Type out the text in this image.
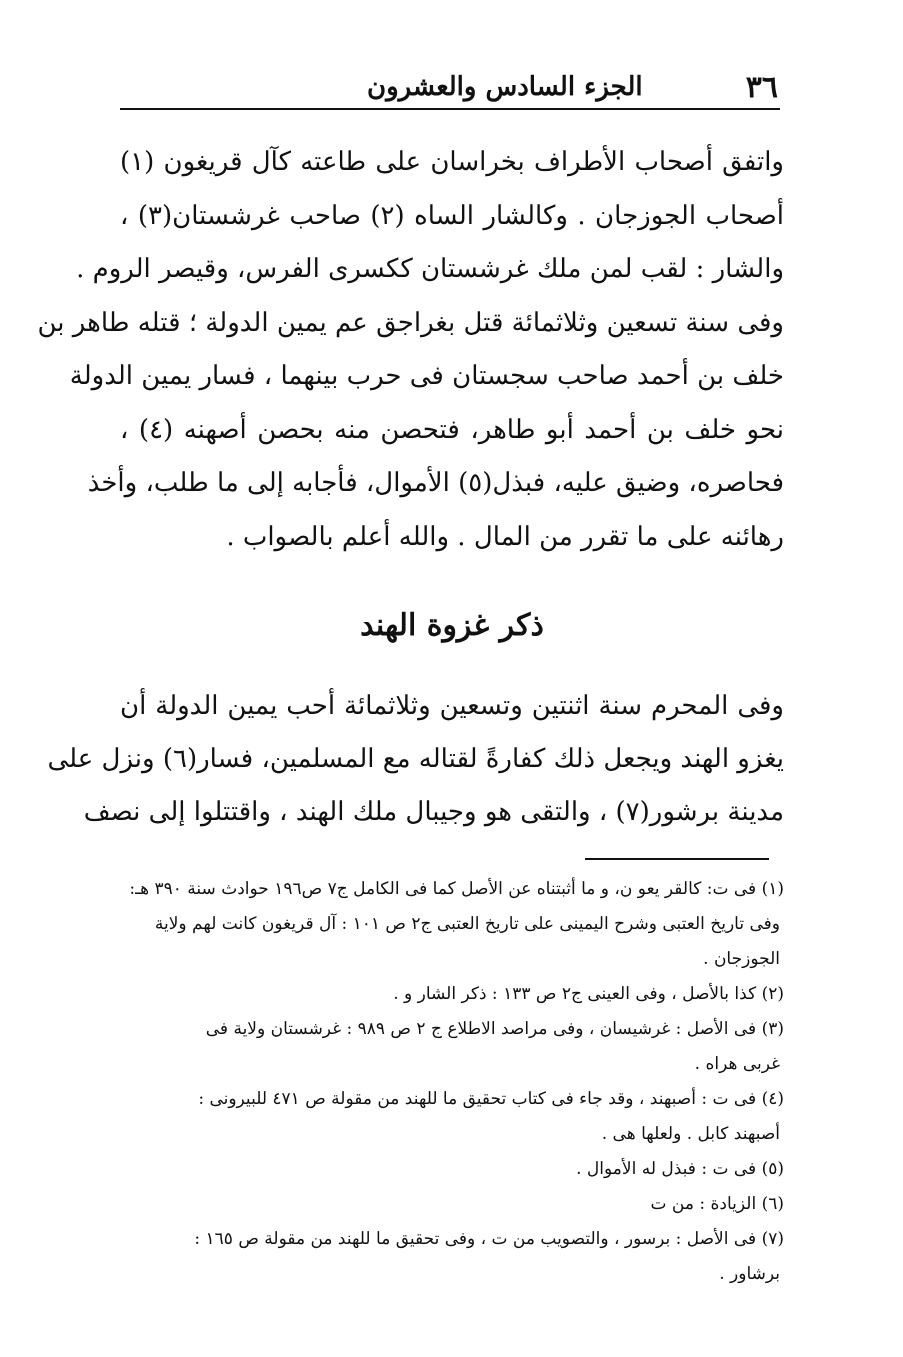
٣٦
الجزء السادس والعشرون
واتفق أصحاب الأطراف بخراسان على طاعته كآل قريغون (١)
أصحاب الجوزجان . وكالشار الساه (٢) صاحب غرشستان(٣) ،
والشار : لقب لمن ملك غرشستان ككسرى الفرس، وقيصر الروم .
وفى سنة تسعين وثلاثمائة قتل بغراجق عم يمين الدولة ؛ قتله طاهر بن
خلف بن أحمد صاحب سجستان فى حرب بينهما ، فسار يمين الدولة
نحو خلف بن أحمد أبو طاهر، فتحصن منه بحصن أصهنه (٤) ،
فحاصره، وضيق عليه، فبذل(٥) الأموال، فأجابه إلى ما طلب، وأخذ
رهائنه على ما تقرر من المال . والله أعلم بالصواب .
ذكر غزوة الهند
وفى المحرم سنة اثنتين وتسعين وثلاثمائة أحب يمين الدولة أن
يغزو الهند ويجعل ذلك كفارةً لقتاله مع المسلمين، فسار(٦) ونزل على
مدينة برشور(٧) ، والتقى هو وجيبال ملك الهند ، واقتتلوا إلى نصف
(١) فى ت: كالقر يعو ن، و ما أثبتناه عن الأصل كما فى الكامل ج٧ ص١٩٦ حوادث سنة ٣٩٠ هـ:
وفى تاريخ العتبى وشرح اليمينى على تاريخ العتبى ج٢ ص ١٠١ : آل قريغون كانت لهم ولاية
الجوزجان .
(٢) كذا بالأصل ، وفى العينى ج٢ ص ١٣٣ : ذكر الشار و .
(٣) فى الأصل : غرشيسان ، وفى مراصد الاطلاع ج ٢ ص ٩٨٩ : غرشستان ولاية فى
غربى هراه .
(٤) فى ت : أصبهند ، وقد جاء فى كتاب تحقيق ما للهند من مقولة ص ٤٧١ للبيرونى :
أصبهند كابل . ولعلها هى .
(٥) فى ت : فبذل له الأموال .
(٦) الزيادة : من ت
(٧) فى الأصل : برسور ، والتصويب من ت ، وفى تحقيق ما للهند من مقولة ص ١٦٥ :
برشاور .
